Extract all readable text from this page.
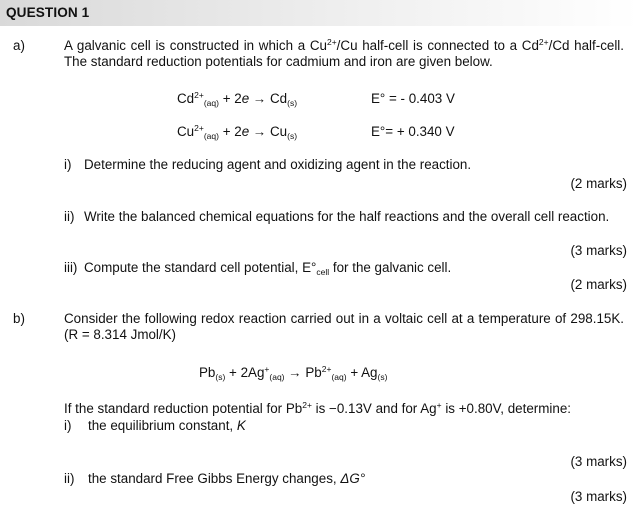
QUESTION 1
a)	A galvanic cell is constructed in which a $Cu^{2+}/Cu$ half-cell is connected to a $Cd^{2+}/Cd$ half-cell. The standard reduction potentials for cadmium and iron are given below.
$Cd^{2+}_{(aq)} + 2e \to Cd_{(s)}$	E° = - 0.403 V
$Cu^{2+}_{(aq)} + 2e \to Cu_{(s)}$	E°= + 0.340 V
i) Determine the reducing agent and oxidizing agent in the reaction.
(2 marks)
ii) Write the balanced chemical equations for the half reactions and the overall cell reaction.
(3 marks)
iii) Compute the standard cell potential, $E^\circ_{cell}$ for the galvanic cell.
(2 marks)
b)	Consider the following redox reaction carried out in a voltaic cell at a temperature of 298.15K. (R = 8.314 Jmol/K)
$Pb_{(s)} + 2Ag^+_{(aq)} \to Pb^{2+}_{(aq)} + Ag_{(s)}$
If the standard reduction potential for $Pb^{2+}$ is −0.13V and for Ag+ is +0.80V, determine:
i) the equilibrium constant, K
(3 marks)
ii) the standard Free Gibbs Energy changes, ΔG°
(3 marks)
